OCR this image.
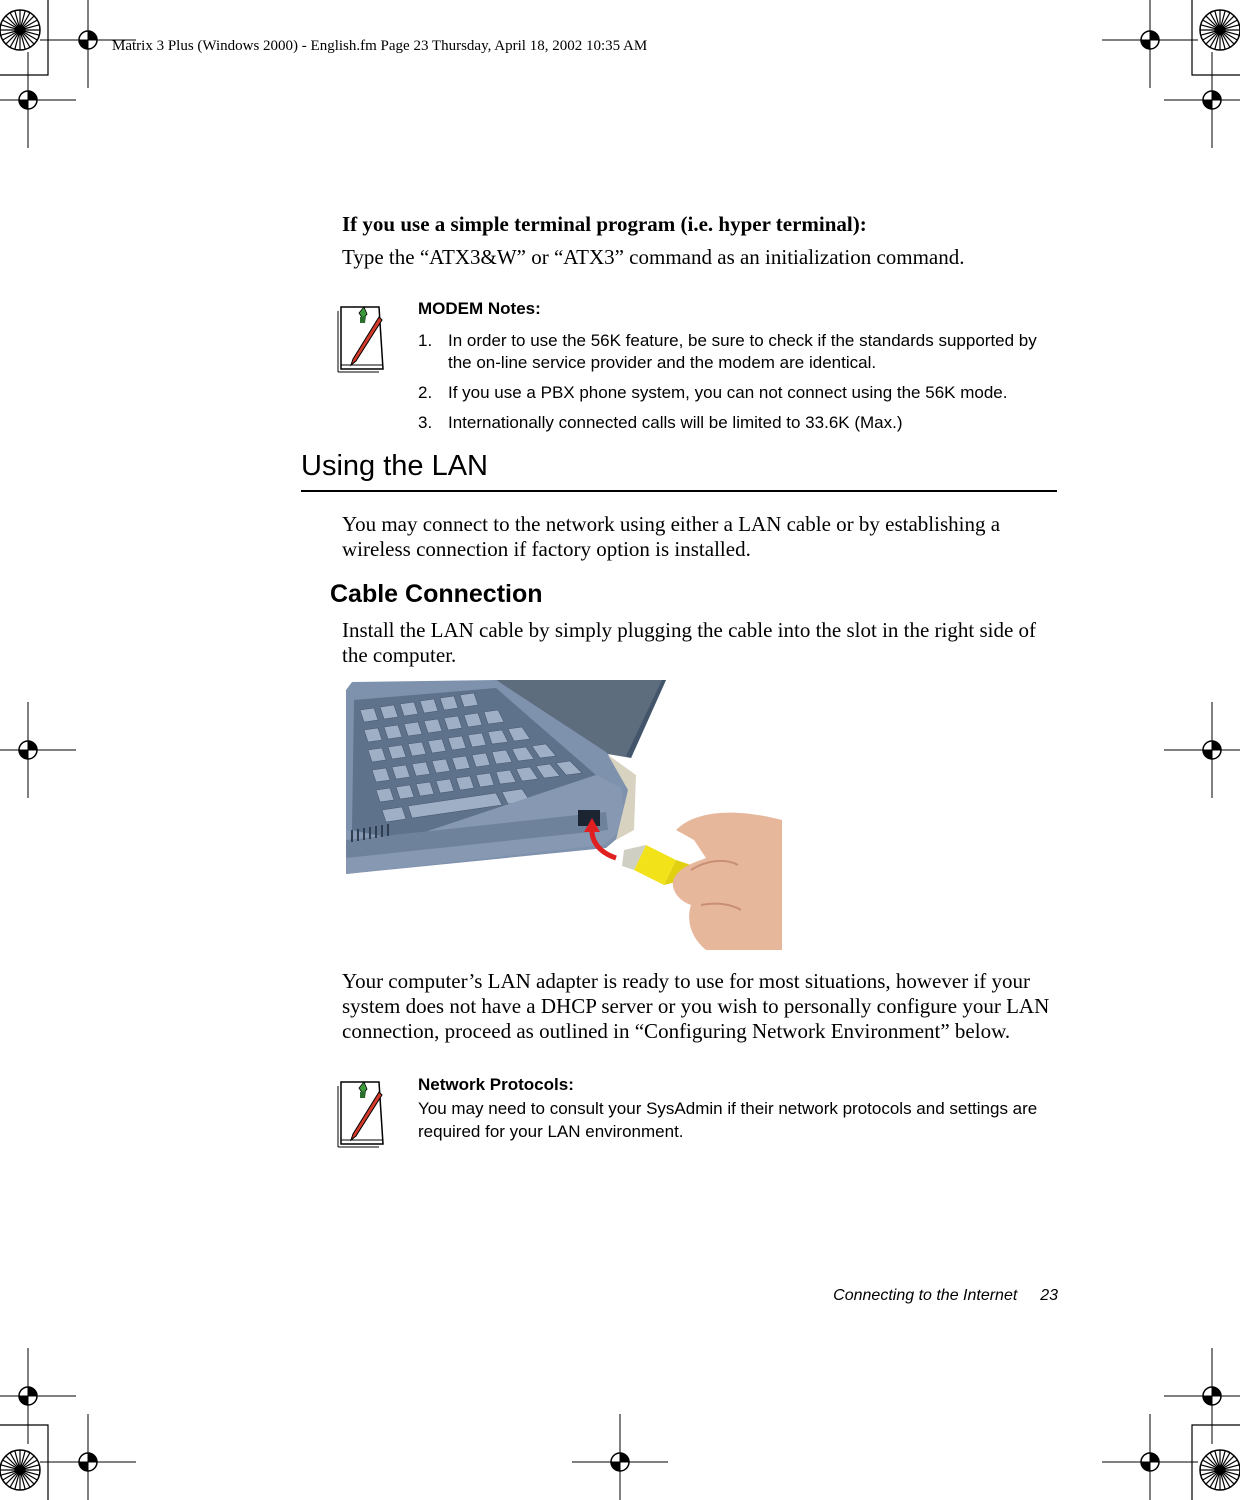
Matrix 3 Plus (Windows 2000) - English.fm Page 23 Thursday, April 18, 2002 10:35 AM
If you use a simple terminal program (i.e. hyper terminal):
Type the “ATX3&W” or “ATX3” command as an initialization command.
MODEM Notes:
1. In order to use the 56K feature, be sure to check if the standards supported by the on-line service provider and the modem are identical.
2. If you use a PBX phone system, you can not connect using the 56K mode.
3. Internationally connected calls will be limited to 33.6K (Max.)
Using the LAN
You may connect to the network using either a LAN cable or by establishing a wireless connection if factory option is installed.
Cable Connection
Install the LAN cable by simply plugging the cable into the slot in the right side of the computer.
Your computer’s LAN adapter is ready to use for most situations, however if your system does not have a DHCP server or you wish to personally configure your LAN connection, proceed as outlined in “Configuring Network Environment” below.
Network Protocols:
You may need to consult your SysAdmin if their network protocols and settings are required for your LAN environment.
Connecting to the Internet 23
